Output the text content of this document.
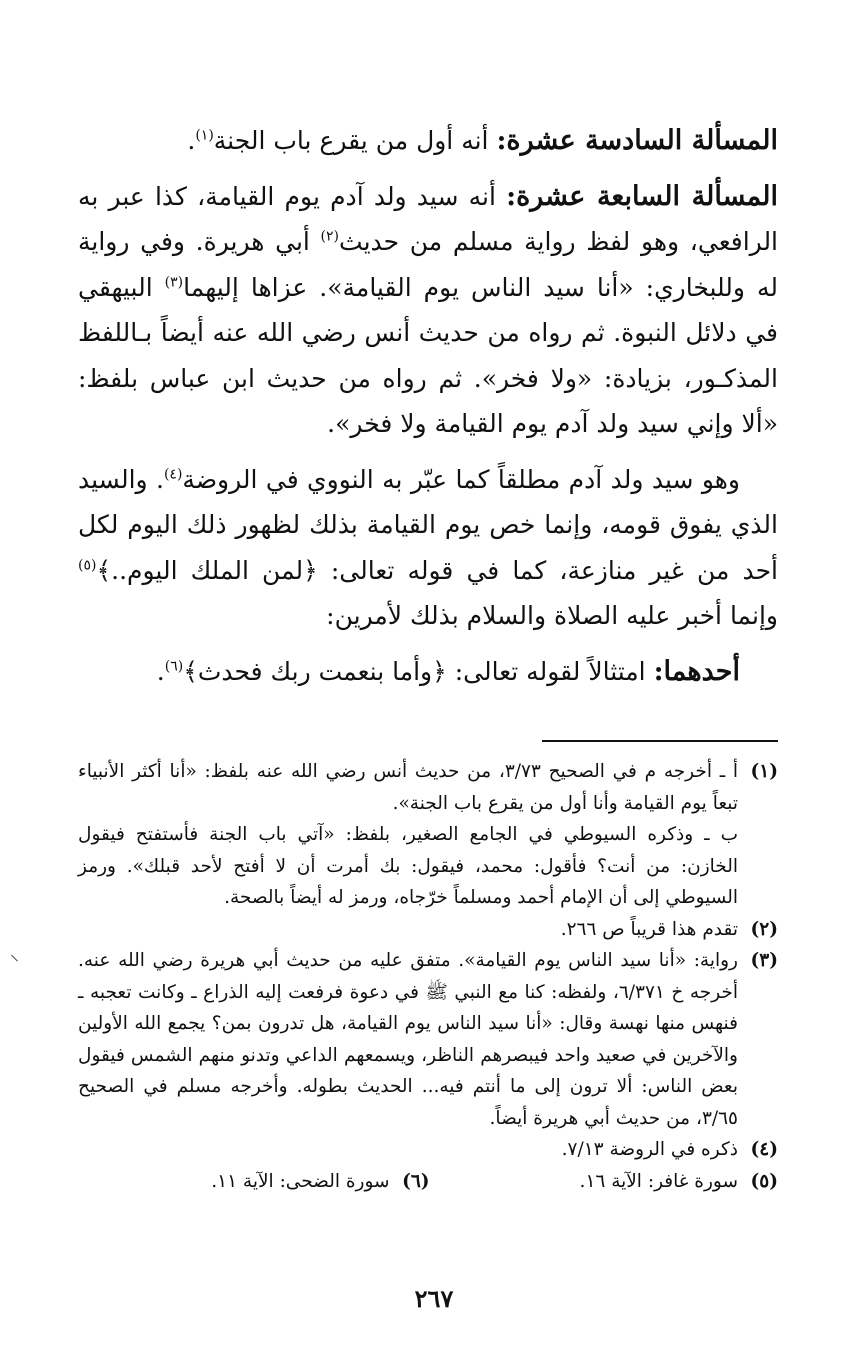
المسألة السادسة عشرة: أنه أول من يقرع باب الجنة$^{(١)}$.

المسألة السابعة عشرة: أنه سيد ولد آدم يوم القيامة، كذا عبر به الرافعي، وهو لفظ رواية مسلم من حديث$^{(٢)}$ أبي هريرة. وفي رواية له وللبخاري: «أنا سيد الناس يوم القيامة». عزاها إليهما$^{(٣)}$ البيهقي في دلائل النبوة. ثم رواه من حديث أنس رضي الله عنه أيضاً بـاللفظ المذكـور، بزيادة: «ولا فخر». ثم رواه من حديث ابن عباس بلفظ: «ألا وإني سيد ولد آدم يوم القيامة ولا فخر».

وهو سيد ولد آدم مطلقاً كما عبّر به النووي في الروضة$^{(٤)}$. والسيد الذي يفوق قومه، وإنما خص يوم القيامة بذلك لظهور ذلك اليوم لكل أحد من غير منازعة، كما في قوله تعالى: ﴿لمن الملك اليوم..﴾$^{(٥)}$ وإنما أخبر عليه الصلاة والسلام بذلك لأمرين:

أحدهما: امتثالاً لقوله تعالى: ﴿وأما بنعمت ربك فحدث﴾$^{(٦)}$.

(١)

أ ـ أخرجه م في الصحيح ٣/٧٣، من حديث أنس رضي الله عنه بلفظ: «أنا أكثر الأنبياء تبعاً يوم القيامة وأنا أول من يقرع باب الجنة».

ب ـ وذكره السيوطي في الجامع الصغير، بلفظ: «آتي باب الجنة فأستفتح فيقول الخازن: من أنت؟ فأقول: محمد، فيقول: بك أمرت أن لا أفتح لأحد قبلك». ورمز السيوطي إلى أن الإمام أحمد ومسلماً خرّجاه، ورمز له أيضاً بالصحة.

(٢)

تقدم هذا قريباً ص ٢٦٦.

(٣)

رواية: «أنا سيد الناس يوم القيامة». متفق عليه من حديث أبي هريرة رضي الله عنه. أخرجه خ ٦/٣٧١، ولفظه: كنا مع النبي ﷺ في دعوة فرفعت إليه الذراع ـ وكانت تعجبه ـ فنهس منها نهسة وقال: «أنا سيد الناس يوم القيامة، هل تدرون بمن؟ يجمع الله الأولين والآخرين في صعيد واحد فيبصرهم الناظر، ويسمعهم الداعي وتدنو منهم الشمس فيقول بعض الناس: ألا ترون إلى ما أنتم فيه... الحديث بطوله. وأخرجه مسلم في الصحيح ٣/٦٥، من حديث أبي هريرة أيضاً.

(٤)

ذكره في الروضة ٧/١٣.

(٥)
سورة غافر: الآية ١٦.
(٦)
سورة الضحى: الآية ١١.
٢٦٧
⸝
